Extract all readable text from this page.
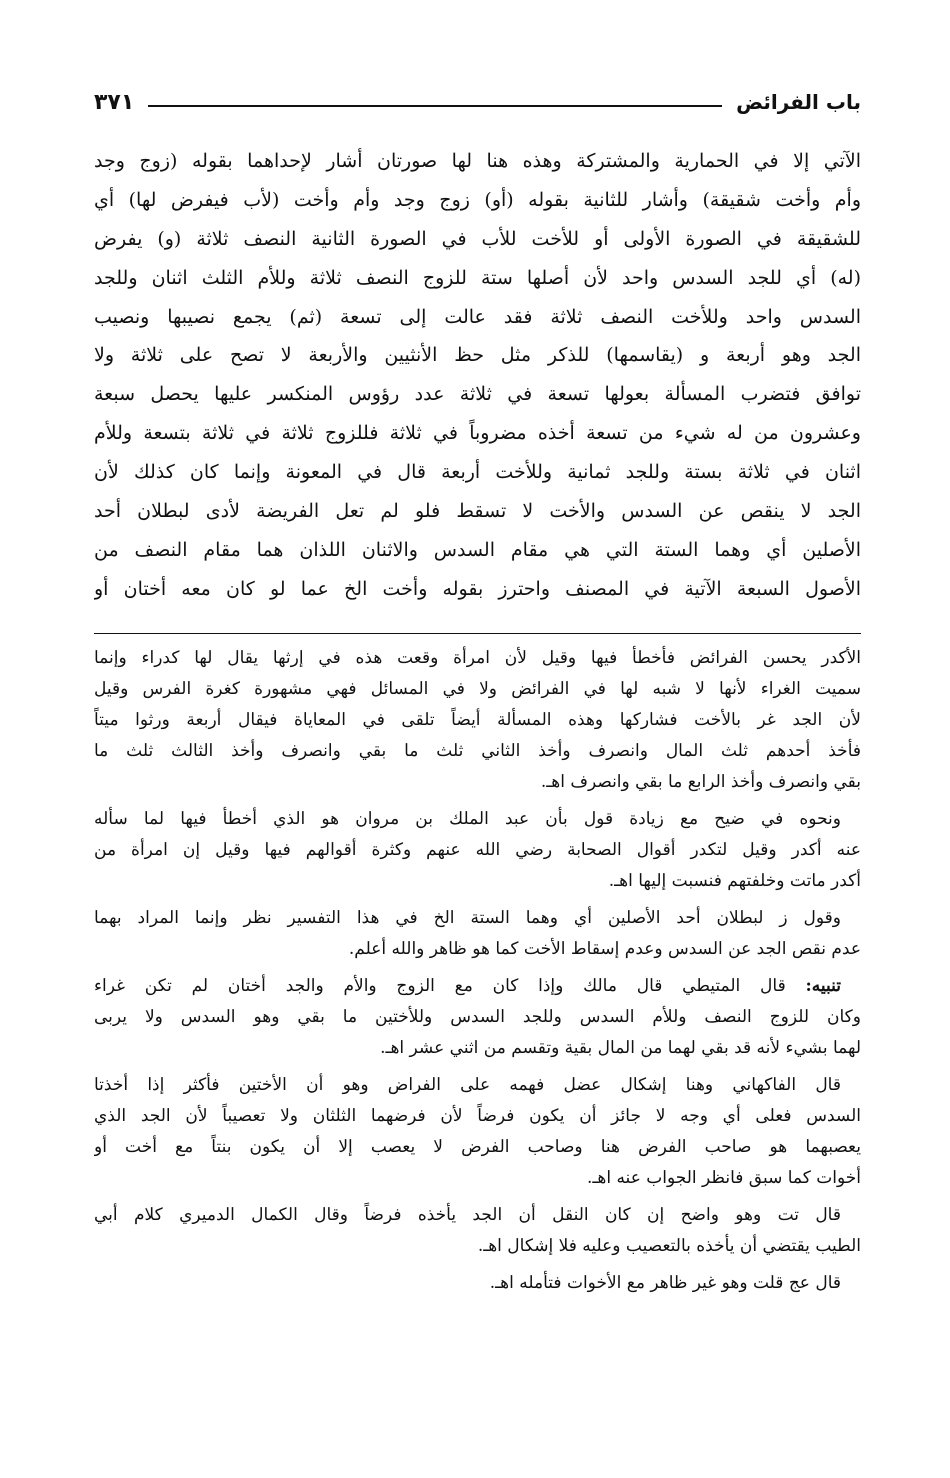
باب الفرائض
٣٧١
الآتي إلا في الحمارية والمشتركة وهذه هنا لها صورتان أشار لإحداهما بقوله (زوج وجد
وأم وأخت شقيقة) وأشار للثانية بقوله (أو) زوج وجد وأم وأخت (لأب فيفرض لها) أي
للشقيقة في الصورة الأولى أو للأخت للأب في الصورة الثانية النصف ثلاثة (و) يفرض
(له) أي للجد السدس واحد لأن أصلها ستة للزوج النصف ثلاثة وللأم الثلث اثنان وللجد
السدس واحد وللأخت النصف ثلاثة فقد عالت إلى تسعة (ثم) يجمع نصيبها ونصيب
الجد وهو أربعة و (يقاسمها) للذكر مثل حظ الأنثيين والأربعة لا تصح على ثلاثة ولا
توافق فتضرب المسألة بعولها تسعة في ثلاثة عدد رؤوس المنكسر عليها يحصل سبعة
وعشرون من له شيء من تسعة أخذه مضروباً في ثلاثة فللزوج ثلاثة في ثلاثة بتسعة وللأم
اثنان في ثلاثة بستة وللجد ثمانية وللأخت أربعة قال في المعونة وإنما كان كذلك لأن
الجد لا ينقص عن السدس والأخت لا تسقط فلو لم تعل الفريضة لأدى لبطلان أحد
الأصلين أي وهما الستة التي هي مقام السدس والاثنان اللذان هما مقام النصف من
الأصول السبعة الآتية في المصنف واحترز بقوله وأخت الخ عما لو كان معه أختان أو
الأكدر يحسن الفرائض فأخطأ فيها وقيل لأن امرأة وقعت هذه في إرثها يقال لها كدراء وإنما
سميت الغراء لأنها لا شبه لها في الفرائض ولا في المسائل فهي مشهورة كغرة الفرس وقيل
لأن الجد غر بالأخت فشاركها وهذه المسألة أيضاً تلقى في المعاياة فيقال أربعة ورثوا ميتاً
فأخذ أحدهم ثلث المال وانصرف وأخذ الثاني ثلث ما بقي وانصرف وأخذ الثالث ثلث ما
بقي وانصرف وأخذ الرابع ما بقي وانصرف اهـ.
ونحوه في ضيح مع زيادة قول بأن عبد الملك بن مروان هو الذي أخطأ فيها لما سأله
عنه أكدر وقيل لتكدر أقوال الصحابة رضي الله عنهم وكثرة أقوالهم فيها وقيل إن امرأة من
أكدر ماتت وخلفتهم فنسبت إليها اهـ.
وقول ز لبطلان أحد الأصلين أي وهما الستة الخ في هذا التفسير نظر وإنما المراد بهما
عدم نقص الجد عن السدس وعدم إسقاط الأخت كما هو ظاهر والله أعلم.
تنبيه: قال المتيطي قال مالك وإذا كان مع الزوج والأم والجد أختان لم تكن غراء
وكان للزوج النصف وللأم السدس وللجد السدس وللأختين ما بقي وهو السدس ولا يربى
لهما بشيء لأنه قد بقي لهما من المال بقية وتقسم من اثني عشر اهـ.
قال الفاكهاني وهنا إشكال عضل فهمه على الفراض وهو أن الأختين فأكثر إذا أخذتا
السدس فعلى أي وجه لا جائز أن يكون فرضاً لأن فرضهما الثلثان ولا تعصيباً لأن الجد الذي
يعصبهما هو صاحب الفرض هنا وصاحب الفرض لا يعصب إلا أن يكون بنتاً مع أخت أو
أخوات كما سبق فانظر الجواب عنه اهـ.
قال تت وهو واضح إن كان النقل أن الجد يأخذه فرضاً وقال الكمال الدميري كلام أبي
الطيب يقتضي أن يأخذه بالتعصيب وعليه فلا إشكال اهـ.
قال عج قلت وهو غير ظاهر مع الأخوات فتأمله اهـ.
